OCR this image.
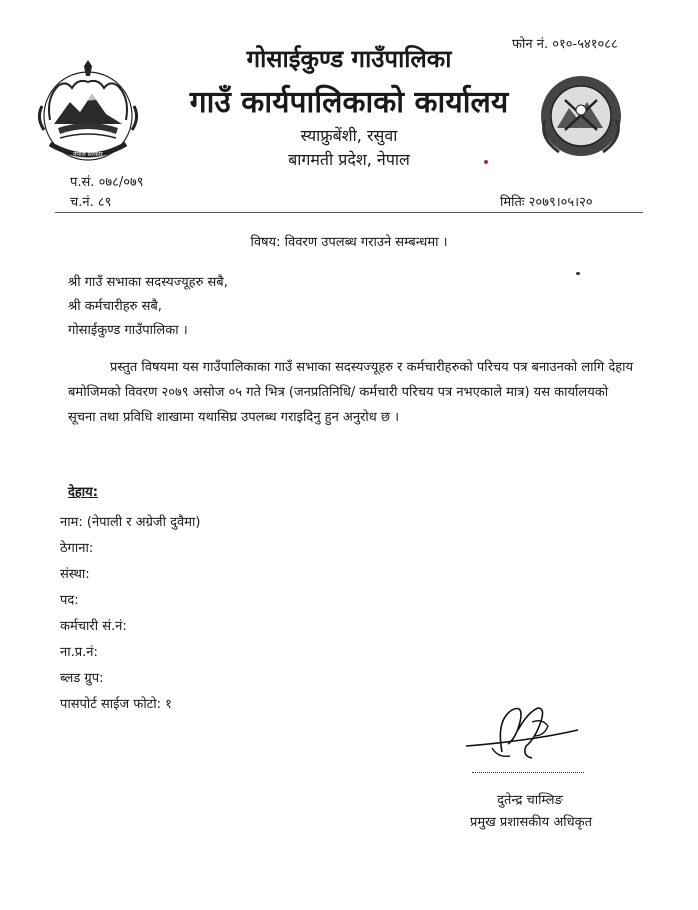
नेपाल सरकार
फोन नं. ०१०-५४१०८८
गोसाईकुण्ड गाउँपालिका
गाउँ कार्यपालिकाको कार्यालय
स्याफ्रुबेंशी, रसुवा
बागमती प्रदेश, नेपाल
प.सं. ०७८/०७९
च.नं. ८९	मितिः २०७९।०५।२०
विषय: विवरण उपलब्ध गराउने सम्बन्धमा ।
श्री गाउँ सभाका सदस्यज्यूहरु सबै,
श्री कर्मचारीहरु सबै,
गोसाईकुण्ड गाउँपालिका ।
प्रस्तुत विषयमा यस गाउँपालिकाका गाउँ सभाका सदस्यज्यूहरु र कर्मचारीहरुको परिचय पत्र बनाउनको लागि देहाय बमोजिमको विवरण २०७९ असोज ०५ गते भित्र (जनप्रतिनिधि/ कर्मचारी परिचय पत्र नभएकाले मात्र) यस कार्यालयको सूचना तथा प्रविधि शाखामा यथासिघ्र उपलब्ध गराइदिनु हुन अनुरोध छ ।
देहाय:
नाम: (नेपाली र अग्रेजी दुवैमा)
ठेगाना:
संस्था:
पद:
कर्मचारी सं.नं:
ना.प्र.नं:
ब्लड ग्रुप:
पासपोर्ट साईज फोटो: १
दुतेन्द्र चाम्लिङ
प्रमुख प्रशासकीय अधिकृत
